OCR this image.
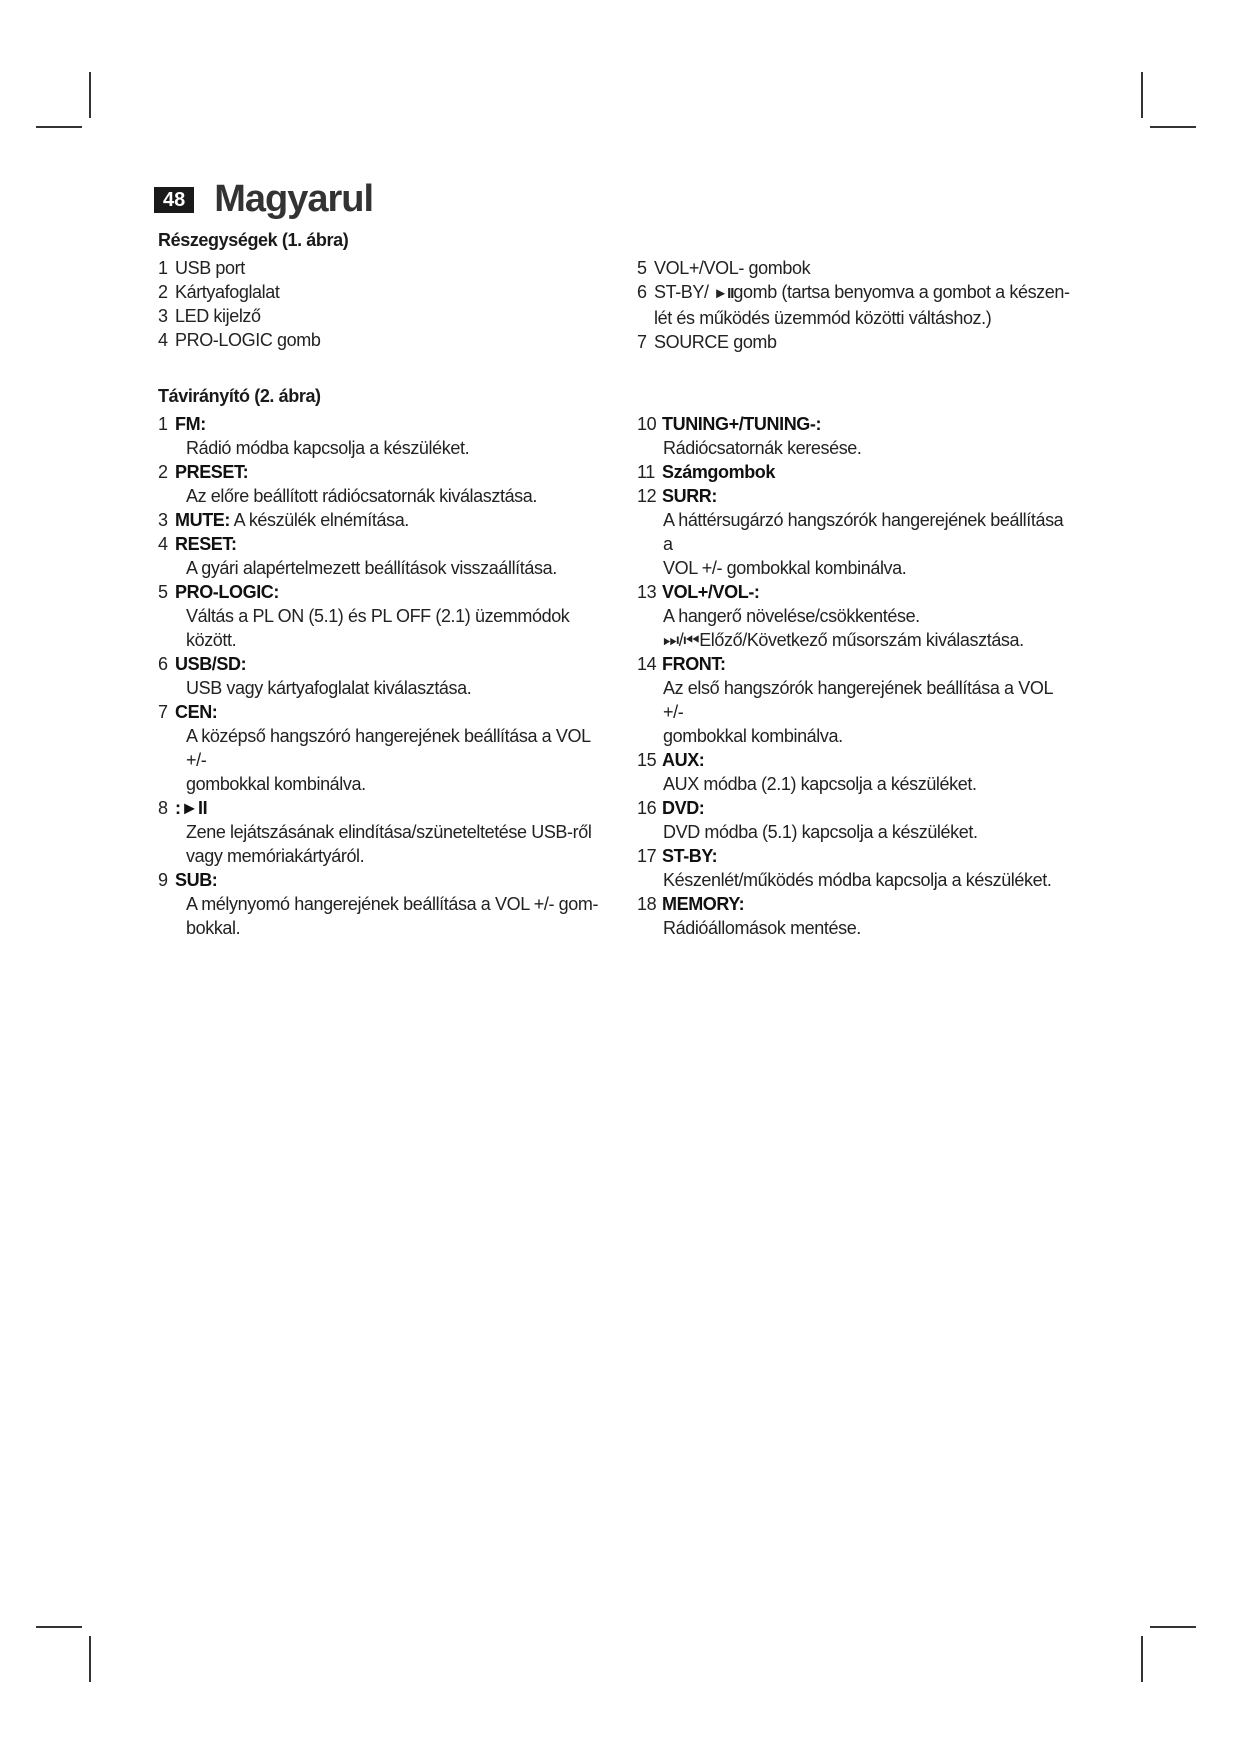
48 Magyarul
Részegységek (1. ábra)
1 USB port
2 Kártyafoglalat
3 LED kijelző
4 PRO-LOGIC gomb
5 VOL+/VOL- gombok
6 ST-BY/ ►IIgomb (tartsa benyomva a gombot a készen-
lét és működés üzemmód közötti váltáshoz.)
7 SOURCE gomb
Távirányító (2. ábra)
1 FM:
Rádió módba kapcsolja a készüléket.
2 PRESET:
Az előre beállított rádiócsatornák kiválasztása.
3 MUTE: A készülék elnémítása.
4 RESET:
A gyári alapértelmezett beállítások visszaállítása.
5 PRO-LOGIC:
Váltás a PL ON (5.1) és PL OFF (2.1) üzemmódok között.
6 USB/SD:
USB vagy kártyafoglalat kiválasztása.
7 CEN:
A középső hangszóró hangerejének beállítása a VOL +/-
gombokkal kombinálva.
8 :►II
Zene lejátszásának elindítása/szüneteltetése USB-ről
vagy memóriakártyáról.
9 SUB:
A mélynyomó hangerejének beállítása a VOL +/- gom-
bokkal.
10 TUNING+/TUNING-:
Rádiócsatornák keresése.
11 Számgombok
12 SURR:
A háttérsugárzó hangszórók hangerejének beállítása a
VOL +/- gombokkal kombinálva.
13 VOL+/VOL-:
A hangerő növelése/csökkentése.
⏭/⏮Előző/Következő műsorszám kiválasztása.
14 FRONT:
Az első hangszórók hangerejének beállítása a VOL +/-
gombokkal kombinálva.
15 AUX:
AUX módba (2.1) kapcsolja a készüléket.
16 DVD:
DVD módba (5.1) kapcsolja a készüléket.
17 ST-BY:
Készenlét/működés módba kapcsolja a készüléket.
18 MEMORY:
Rádióállomások mentése.
